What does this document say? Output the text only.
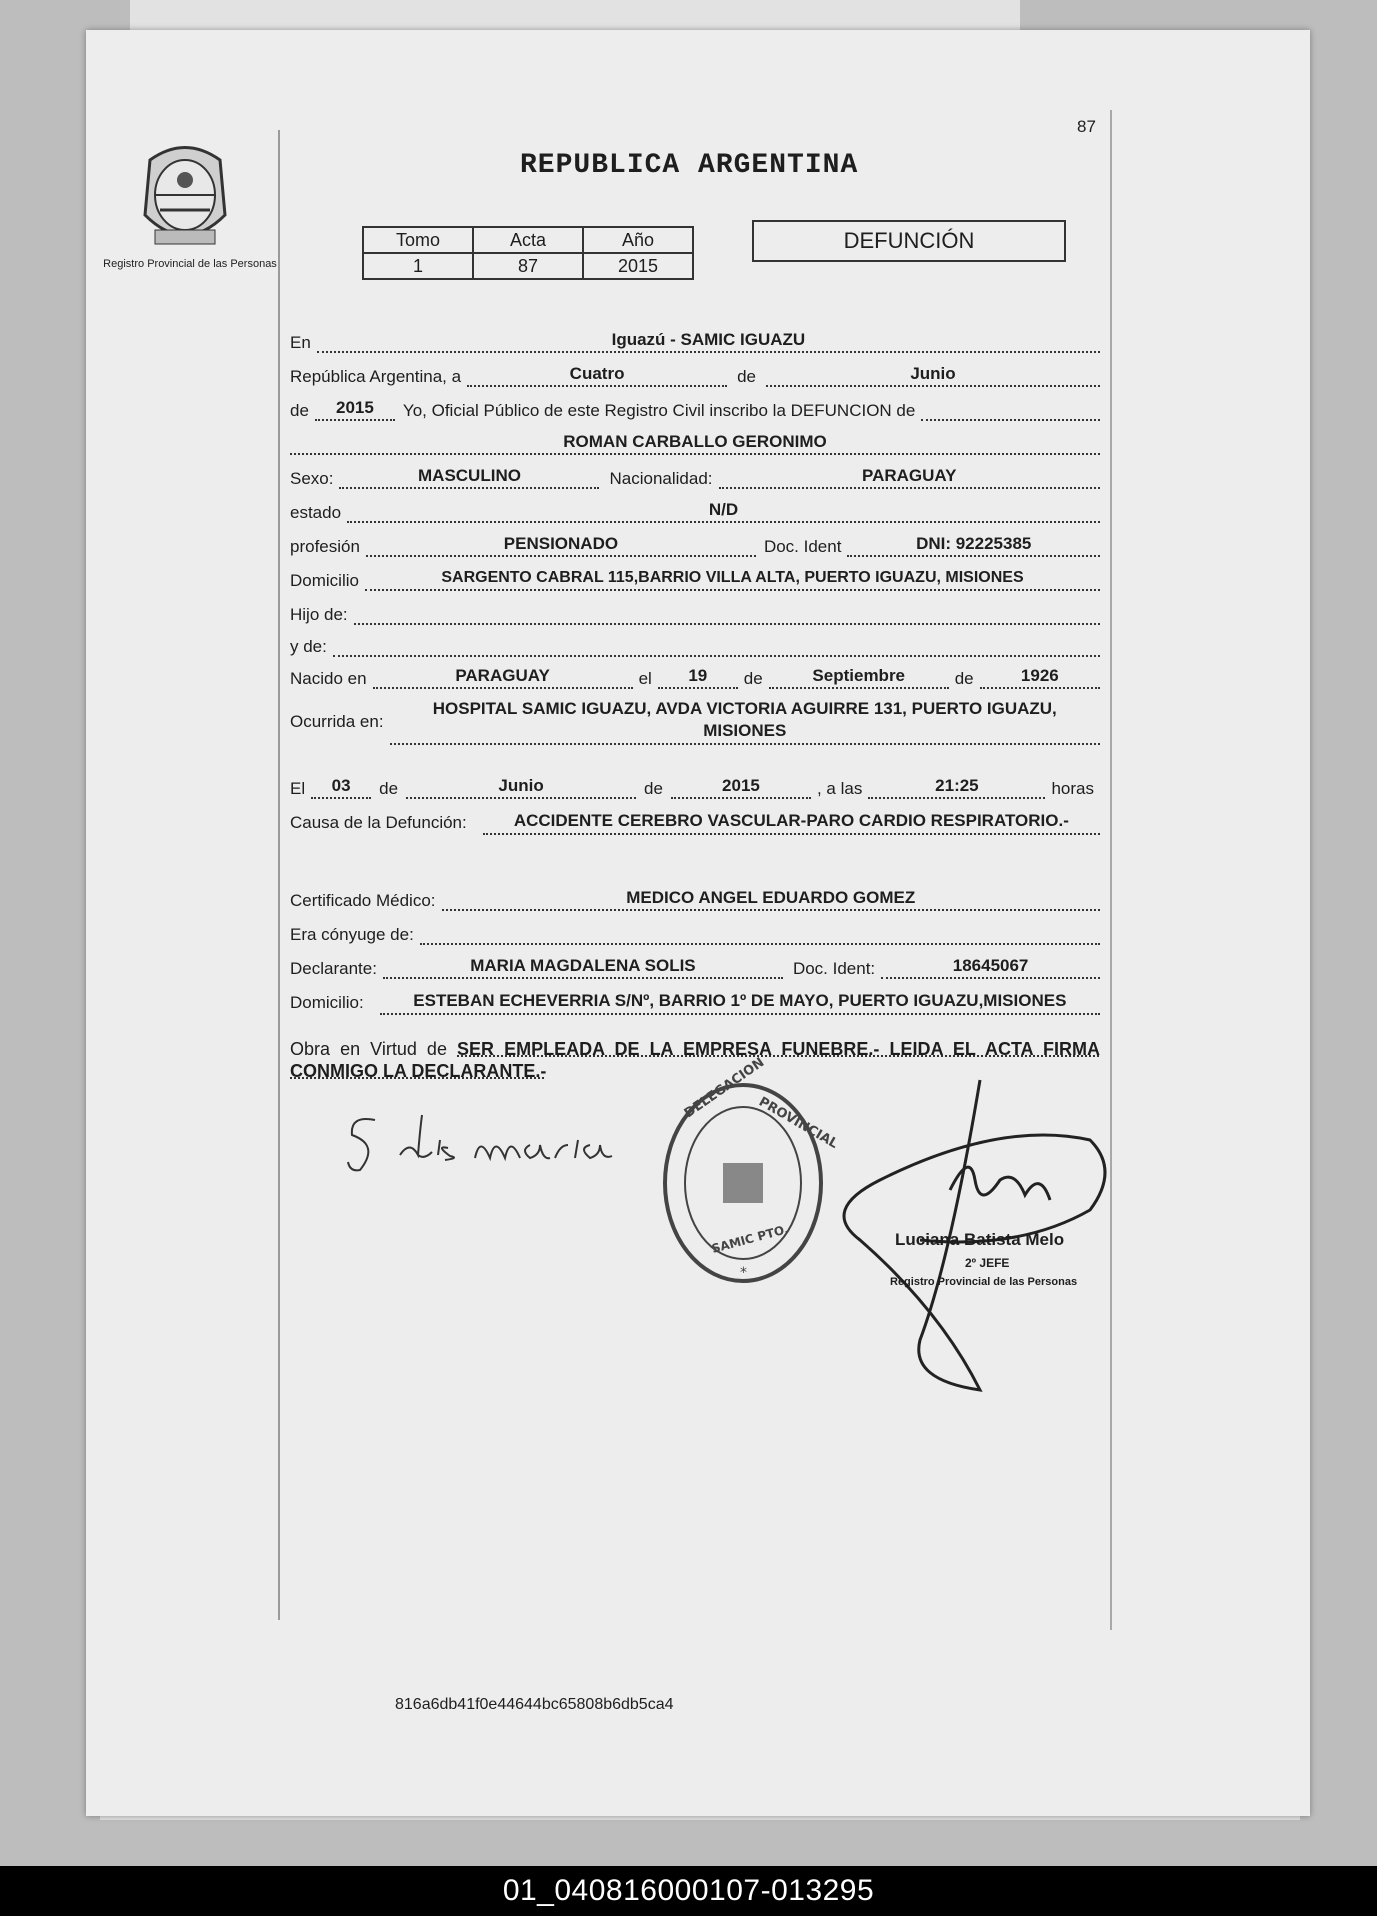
87
Registro Provincial de las Personas
REPUBLICA ARGENTINA
Tomo	Acta	Año
1	87	2015
DEFUNCIÓN
En	Iguazú - SAMIC IGUAZU
República Argentina, a	Cuatro	de	Junio
de	2015	Yo, Oficial Público de este Registro Civil inscribo la DEFUNCION de
ROMAN CARBALLO GERONIMO
Sexo:	MASCULINO	Nacionalidad:	PARAGUAY
estado	N/D
profesión	PENSIONADO	Doc. Ident	DNI: 92225385
Domicilio	SARGENTO CABRAL 115,BARRIO VILLA ALTA, PUERTO IGUAZU, MISIONES
Hijo de:
y de:
Nacido en	PARAGUAY	el	19	de	Septiembre	de	1926
Ocurrida en:
HOSPITAL SAMIC IGUAZU, AVDA VICTORIA AGUIRRE 131, PUERTO IGUAZU, MISIONES
El	03	de	Junio	de	2015	, a las	21:25	horas
Causa de la Defunción:	ACCIDENTE CEREBRO VASCULAR-PARO CARDIO RESPIRATORIO.-
Certificado Médico:	MEDICO ANGEL EDUARDO GOMEZ
Era cónyuge de:
Declarante:	MARIA MAGDALENA SOLIS	Doc. Ident:	18645067
Domicilio:	ESTEBAN ECHEVERRIA S/Nº, BARRIO 1º DE MAYO, PUERTO IGUAZU,MISIONES
Obra en Virtud de SER EMPLEADA DE LA EMPRESA FUNEBRE.- LEIDA EL ACTA FIRMA CONMIGO LA DECLARANTE.-	DELEGACION
PROVINCIAL
SAMIC PTO.
*
Luciana Batista Melo
2º JEFE
Registro Provincial de las Personas
816a6db41f0e44644bc65808b6db5ca4
01_040816000107-013295
